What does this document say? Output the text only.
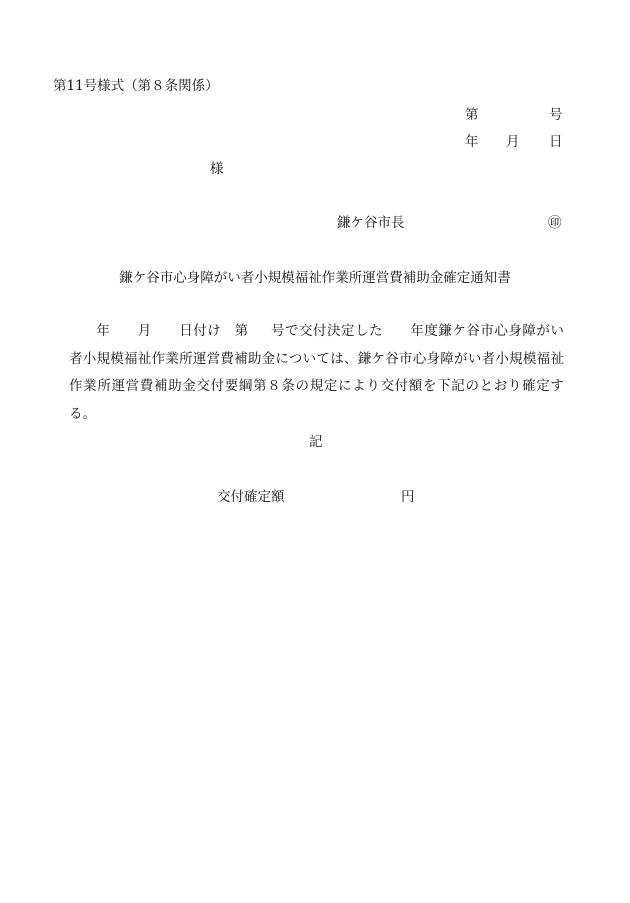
第11号様式（第８条関係）
第	号
年 月 日
様
鎌ケ谷市長	㊞
鎌ケ谷市心身障がい者小規模福祉作業所運営費補助金確定通知書
年 月 日付け 第 号で交付決定した 年度鎌ケ谷市心身障がい者小規模福祉作業所運営費補助金については、鎌ケ谷市心身障がい者小規模福祉作業所運営費補助金交付要綱第８条の規定により交付額を下記のとおり確定する。
記
交付確定額	円
